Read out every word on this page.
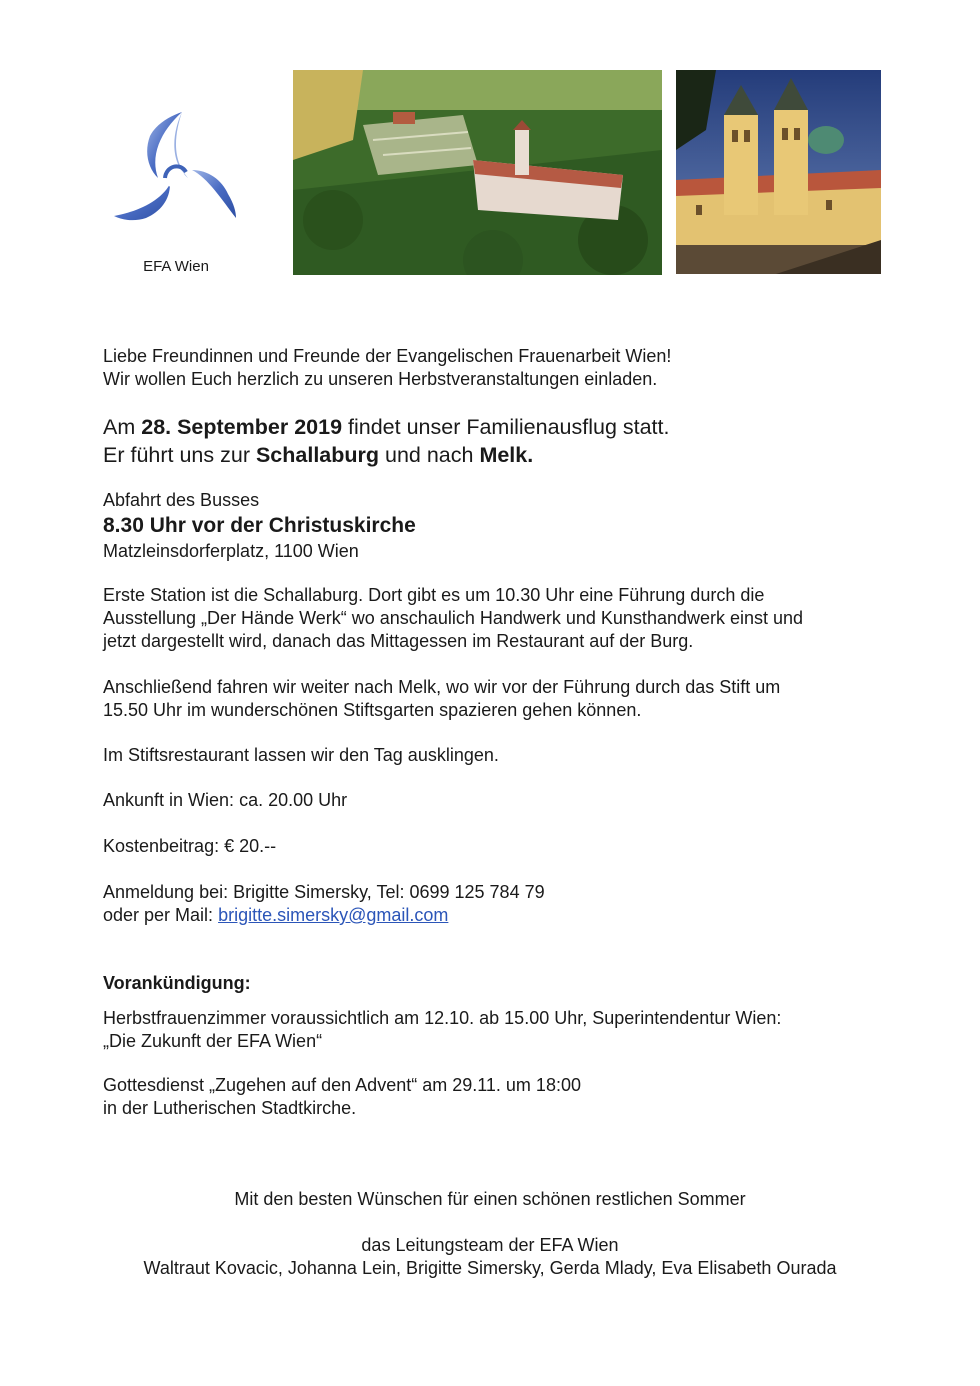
EFA Wien

Liebe Freundinnen und Freunde der Evangelischen Frauenarbeit Wien!

Wir wollen Euch herzlich zu unseren Herbstveranstaltungen einladen.

Am 28. September 2019 findet unser Familienausflug statt.

Er führt uns zur Schallaburg und nach Melk.

Abfahrt des Busses

8.30 Uhr vor der Christuskirche

Matzleinsdorferplatz, 1100 Wien

Erste Station ist die Schallaburg. Dort gibt es um 10.30 Uhr eine Führung durch die

Ausstellung „Der Hände Werk“ wo anschaulich Handwerk und Kunsthandwerk einst und

jetzt dargestellt wird, danach das Mittagessen im Restaurant auf der Burg.

Anschließend fahren wir weiter nach Melk, wo wir vor der Führung durch das Stift um

15.50 Uhr im wunderschönen Stiftsgarten spazieren gehen können.

Im Stiftsrestaurant lassen wir den Tag ausklingen.

Ankunft in Wien: ca. 20.00 Uhr

Kostenbeitrag: € 20.--

Anmeldung bei: Brigitte Simersky, Tel: 0699 125 784 79

oder per Mail: brigitte.simersky@gmail.com

Vorankündigung:

Herbstfrauenzimmer voraussichtlich am 12.10. ab 15.00 Uhr, Superintendentur Wien:

„Die Zukunft der EFA Wien“

Gottesdienst „Zugehen auf den Advent“ am 29.11. um 18:00

in der Lutherischen Stadtkirche.

Mit den besten Wünschen für einen schönen restlichen Sommer

das Leitungsteam der EFA Wien

Waltraut Kovacic, Johanna Lein, Brigitte Simersky, Gerda Mlady, Eva Elisabeth Ourada
